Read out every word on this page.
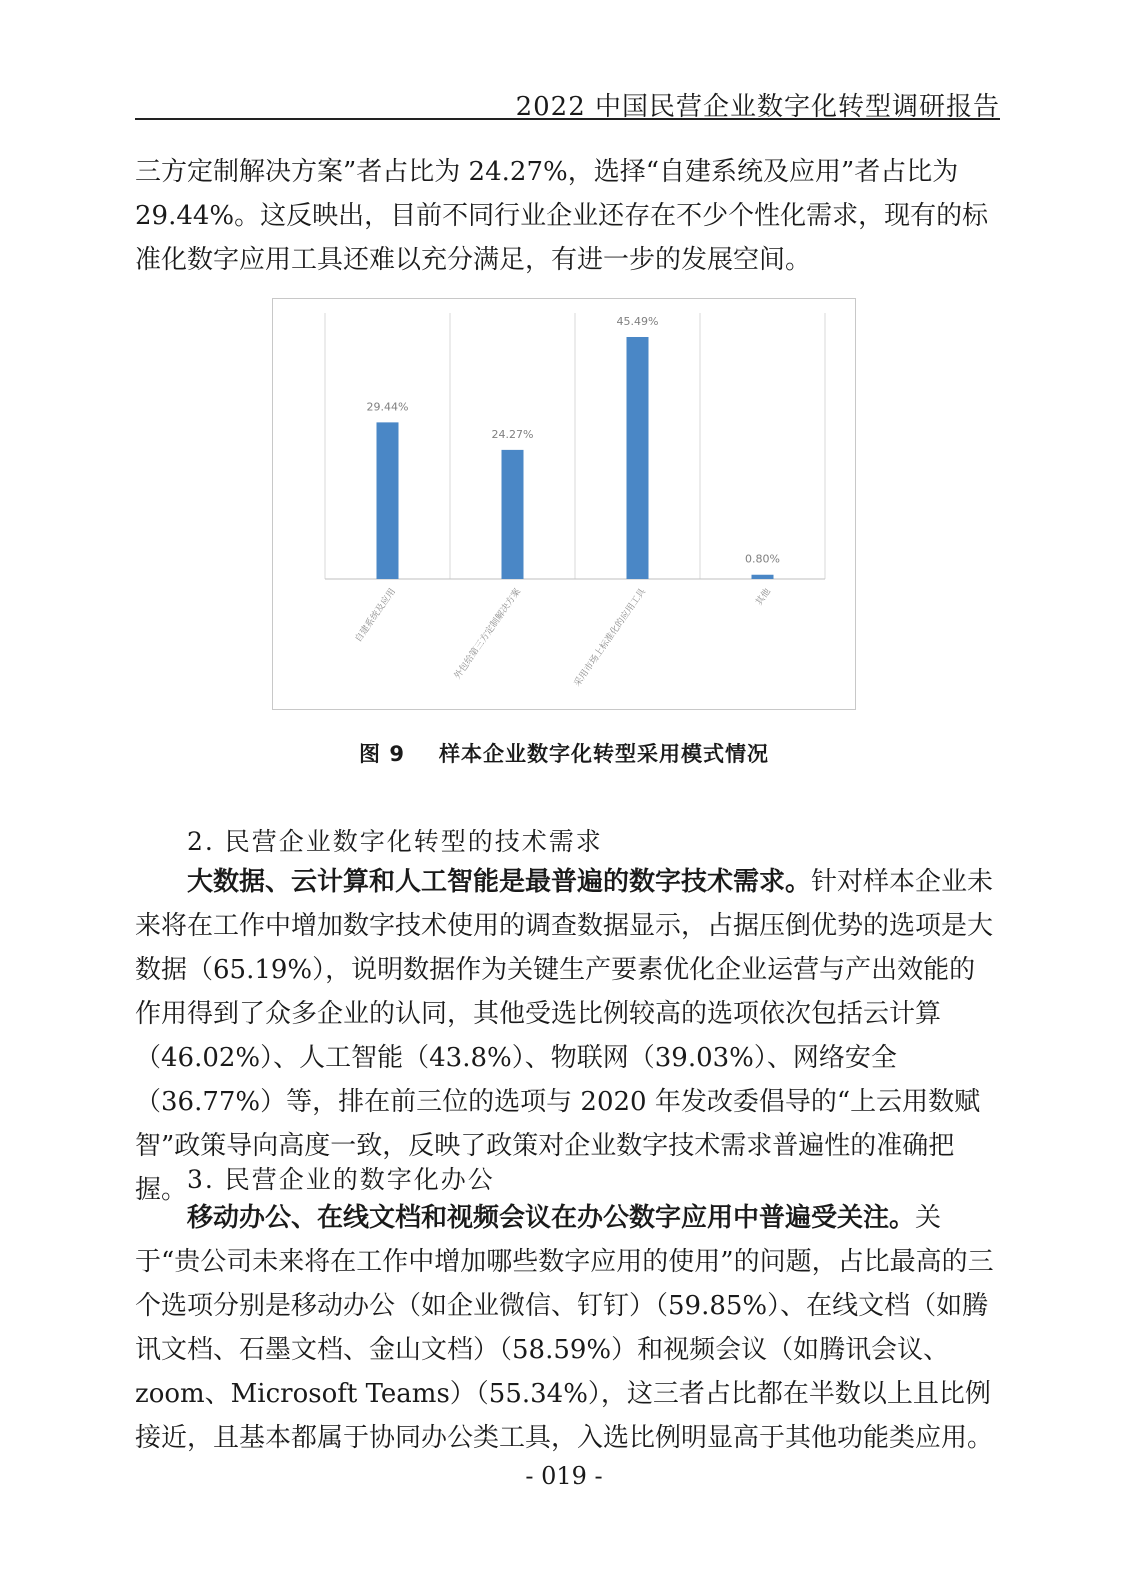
2022 中国民营企业数字化转型调研报告

三方定制解决方案”者占比为 24.27%，选择“自建系统及应用”者占比为 29.44%。这反映出，目前不同行业企业还存在不少个性化需求，现有的标准化数字应用工具还难以充分满足，有进一步的发展空间。

29.44%
24.27%
45.49%
0.80%
自建系统及应用	外包给第三方定制解决方案	采用市场上标准化的应用工具	其他
图 9 样本企业数字化转型采用模式情况

2. 民营企业数字化转型的技术需求

大数据、云计算和人工智能是最普遍的数字技术需求。针对样本企业未来将在工作中增加数字技术使用的调查数据显示，占据压倒优势的选项是大数据（65.19%），说明数据作为关键生产要素优化企业运营与产出效能的作用得到了众多企业的认同，其他受选比例较高的选项依次包括云计算（46.02%）、人工智能（43.8%）、物联网（39.03%）、网络安全（36.77%）等，排在前三位的选项与 2020 年发改委倡导的“上云用数赋智”政策导向高度一致，反映了政策对企业数字技术需求普遍性的准确把握。 3. 民营企业的数字化办公

移动办公、在线文档和视频会议在办公数字应用中普遍受关注。关于“贵公司未来将在工作中增加哪些数字应用的使用”的问题，占比最高的三个选项分别是移动办公（如企业微信、钉钉）（59.85%）、在线文档（如腾讯文档、石墨文档、金山文档）（58.59%）和视频会议（如腾讯会议、zoom、Microsoft Teams）（55.34%），这三者占比都在半数以上且比例接近，且基本都属于协同办公类工具，入选比例明显高于其他功能类应用。

- 019 -
